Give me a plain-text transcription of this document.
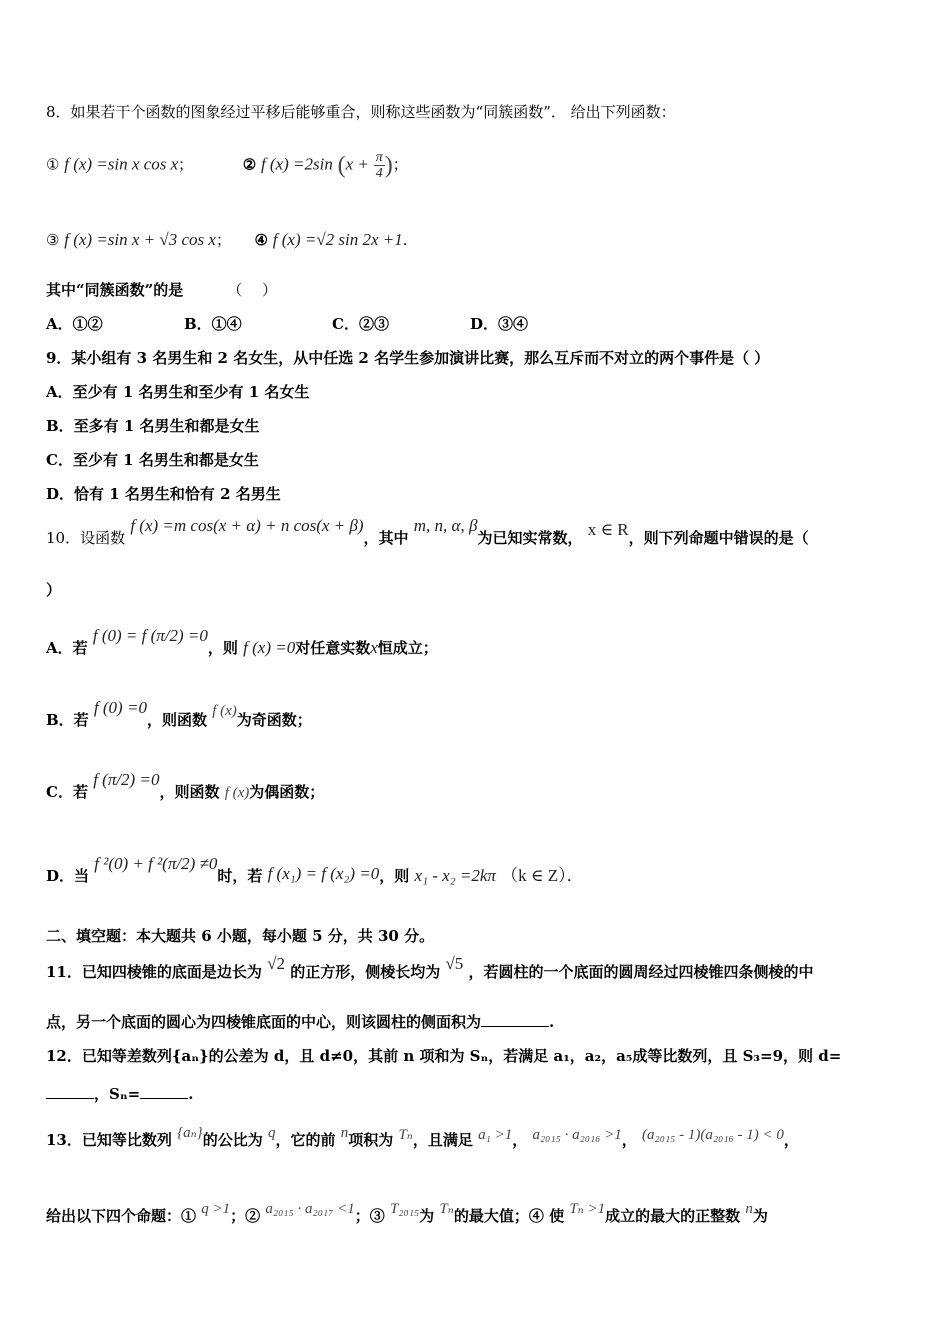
8．如果若干个函数的图象经过平移后能够重合，则称这些函数为“同簇函数”． 给出下列函数：
① f (x) =sin x cos x；	② f (x) =2sin ($x + \frac{\pi}{4}$ )；
③ f (x) =sin x + √3 cos x； ④ f (x) =√2 sin 2x +1.
其中“同簇函数”的是	（　 ）
A．①②	B．①④	C．②③	D．③④
9．某小组有 3 名男生和 2 名女生，从中任选 2 名学生参加演讲比赛，那么互斥而不对立的两个事件是（ ）
A．至少有 1 名男生和至少有 1 名女生
B．至多有 1 名男生和都是女生
C．至少有 1 名男生和都是女生
D．恰有 1 名男生和恰有 2 名男生
10．设函数 f (x) =m cos(x + α) + n cos(x + β)，其中 m, n, α, β为已知实常数， x ∈ R，则下列命题中错误的是（
）
A．若 f (0) = f (π/2) =0，则 f (x) =0对任意实数x恒成立；
B．若 f (0) =0，则函数 f (x)为奇函数；
C．若 f (π/2) =0，则函数 f (x)为偶函数；
D．当 f ²(0) + f ²(π/2) ≠0时，若 f (x₁) = f (x₂) =0，则 x₁ - x₂ =2kπ （k ∈ Z）．
二、填空题：本大题共 6 小题，每小题 5 分，共 30 分。
11．已知四棱锥的底面是边长为 √2 的正方形，侧棱长均为 √5 ，若圆柱的一个底面的圆周经过四棱锥四条侧棱的中
点，另一个底面的圆心为四棱锥底面的中心，则该圆柱的侧面积为	.
12．已知等差数列{aₙ}的公差为 d，且 d≠0，其前 n 项和为 Sₙ，若满足 a₁，a₂，a₅成等比数列，且 S₃=9，则 d=
，Sₙ=	.
13．已知等比数列 {aₙ}的公比为 q，它的前 n项积为 Tₙ，且满足 a₁ >1， a₂₀₁₅ · a₂₀₁₆ >1， (a₂₀₁₅ - 1)(a₂₀₁₆ - 1) < 0，
给出以下四个命题：① q >1；② a₂₀₁₅ · a₂₀₁₇ <1；③ T₂₀₁₅为 Tₙ的最大值；④ 使 Tₙ >1成立的最大的正整数 n为
